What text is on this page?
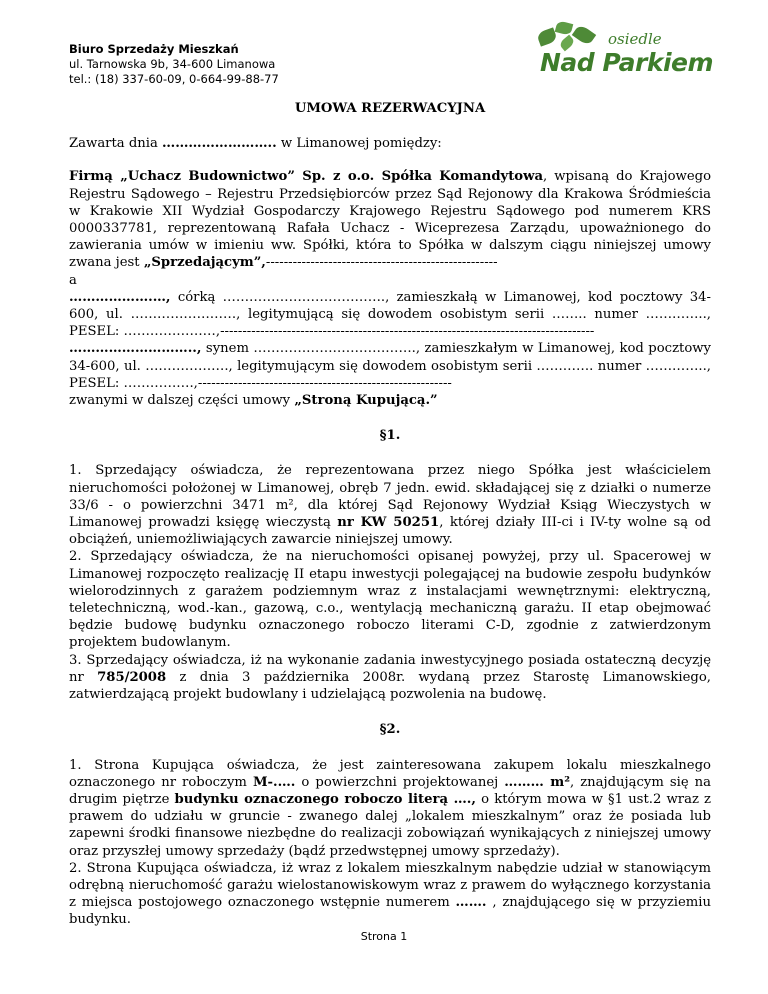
Biuro Sprzedaży Mieszkań
ul. Tarnowska 9b, 34-600 Limanowa
tel.: (18) 337-60-09, 0-664-99-88-77
osiedle
Nad Parkiem
UMOWA REZERWACYJNA

Zawarta dnia …………………….. w Limanowej pomiędzy:

Firmą „Uchacz Budownictwo” Sp. z o.o. Spółka Komandytowa, wpisaną do Krajowego Rejestru Sądowego – Rejestru Przedsiębiorców przez Sąd Rejonowy dla Krakowa Śródmieścia w Krakowie XII Wydział Gospodarczy Krajowego Rejestru Sądowego pod numerem KRS 0000337781, reprezentowaną Rafała Uchacz - Wiceprezesa Zarządu, upoważnionego do zawierania umów w imieniu ww. Spółki, która to Spółka w dalszym ciągu niniejszej umowy zwana jest „Sprzedającym”,----------------------------------------------------

a

……………….…, córką ………………………………., zamieszkałą w Limanowej, kod pocztowy 34-600, ul. ……………………, legitymującą się dowodem osobistym serii …….. numer ………….., PESEL: …………………,------------------------------------------------------------------------------------
……………………….., synem ………………………………., zamieszkałym w Limanowej, kod pocztowy 34-600, ul. ………………., legitymującym się dowodem osobistym serii …………. numer ………….., PESEL: …………….,---------------------------------------------------------
zwanymi w dalszej części umowy „Stroną Kupującą.”

§1.

1. Sprzedający oświadcza, że reprezentowana przez niego Spółka jest właścicielem nieruchomości położonej w Limanowej, obręb 7 jedn. ewid. składającej się z działki o numerze 33/6 - o powierzchni 3471 m², dla której Sąd Rejonowy Wydział Ksiąg Wieczystych w Limanowej prowadzi księgę wieczystą nr KW 50251, której działy III-ci i IV-ty wolne są od obciążeń, uniemożliwiających zawarcie niniejszej umowy.

2. Sprzedający oświadcza, że na nieruchomości opisanej powyżej, przy ul. Spacerowej w Limanowej rozpoczęto realizację II etapu inwestycji polegającej na budowie zespołu budynków wielorodzinnych z garażem podziemnym wraz z instalacjami wewnętrznymi: elektryczną, teletechniczną, wod.-kan., gazową, c.o., wentylacją mechaniczną garażu. II etap obejmować będzie budowę budynku oznaczonego roboczo literami C-D, zgodnie z zatwierdzonym projektem budowlanym.

3. Sprzedający oświadcza, iż na wykonanie zadania inwestycyjnego posiada ostateczną decyzję nr 785/2008 z dnia 3 października 2008r. wydaną przez Starostę Limanowskiego, zatwierdzającą projekt budowlany i udzielającą pozwolenia na budowę.

§2.

1. Strona Kupująca oświadcza, że jest zainteresowana zakupem lokalu mieszkalnego oznaczonego nr roboczym M-.…. o powierzchni projektowanej ……… m², znajdującym się na drugim piętrze budynku oznaczonego roboczo literą …., o którym mowa w §1 ust.2 wraz z prawem do udziału w gruncie - zwanego dalej „lokalem mieszkalnym” oraz że posiada lub zapewni środki finansowe niezbędne do realizacji zobowiązań wynikających z niniejszej umowy oraz przyszłej umowy sprzedaży (bądź przedwstępnej umowy sprzedaży).

2. Strona Kupująca oświadcza, iż wraz z lokalem mieszkalnym nabędzie udział w stanowiącym odrębną nieruchomość garażu wielostanowiskowym wraz z prawem do wyłącznego korzystania z miejsca postojowego oznaczonego wstępnie numerem ……. , znajdującego się w przyziemiu budynku.

Strona 1
